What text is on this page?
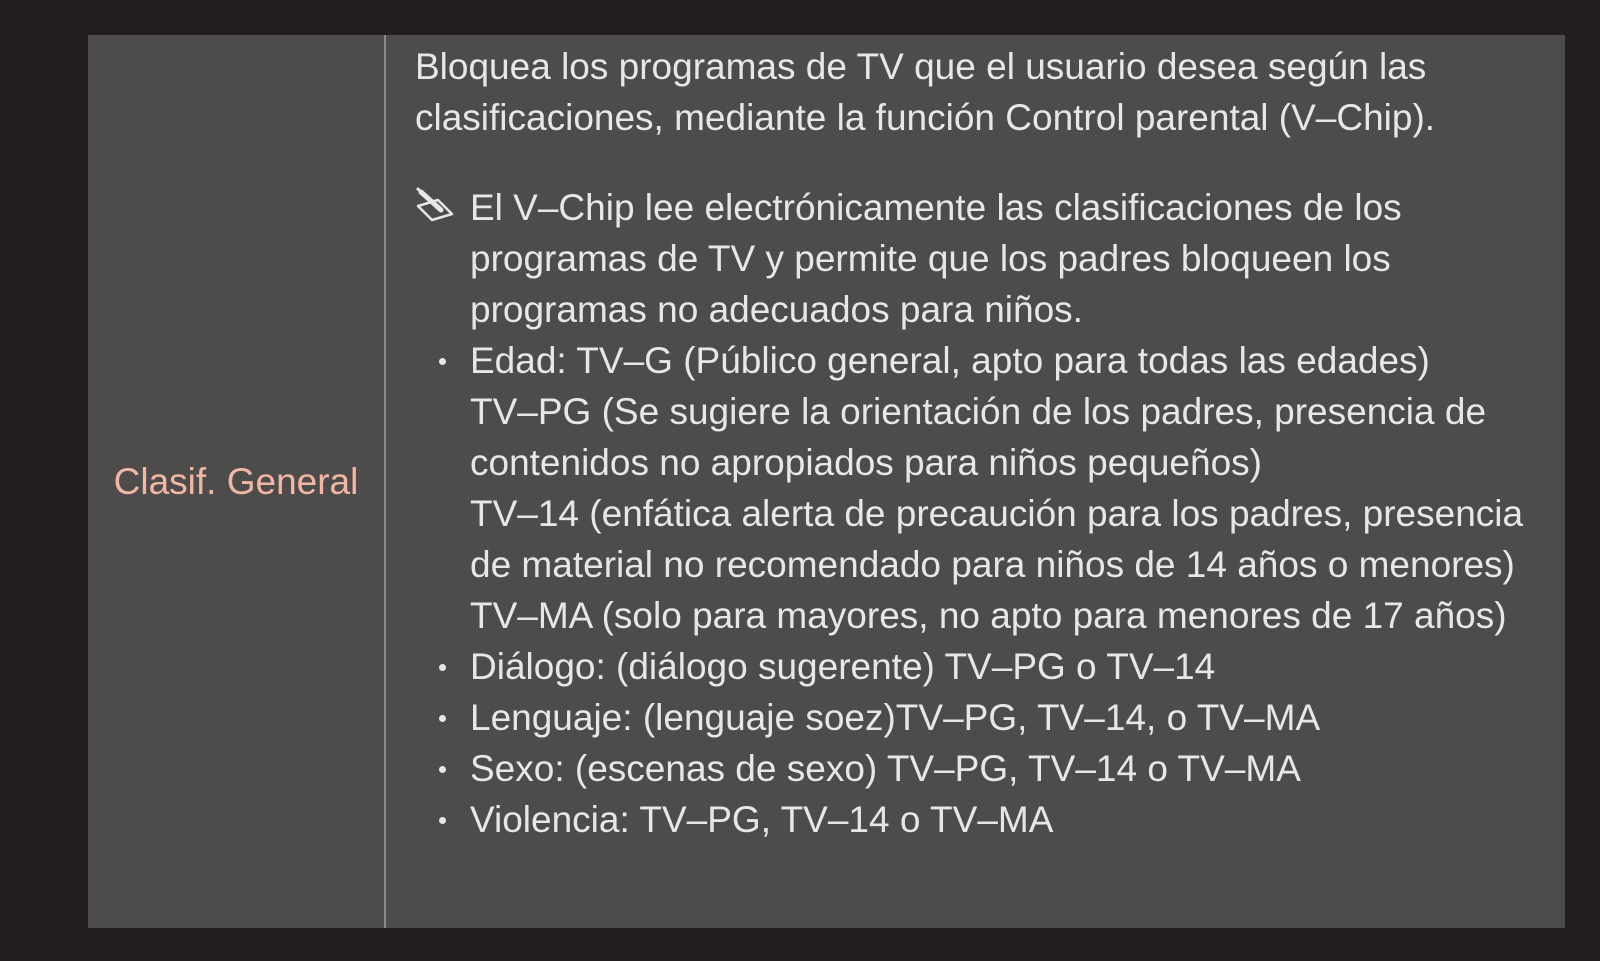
Clasif. General
Bloquea los programas de TV que el usuario desea según las clasificaciones, mediante la función Control parental (V–Chip).
El V–Chip lee electrónicamente las clasificaciones de los programas de TV y permite que los padres bloqueen los programas no adecuados para niños.
Edad: TV–G (Público general, apto para todas las edades)
TV–PG (Se sugiere la orientación de los padres, presencia de contenidos no apropiados para niños pequeños)
TV–14 (enfática alerta de precaución para los padres, presencia de material no recomendado para niños de 14 años o menores)
TV–MA (solo para mayores, no apto para menores de 17 años)
Diálogo: (diálogo sugerente) TV–PG o TV–14
Lenguaje: (lenguaje soez)TV–PG, TV–14, o TV–MA
Sexo: (escenas de sexo) TV–PG, TV–14 o TV–MA
Violencia: TV–PG, TV–14 o TV–MA
